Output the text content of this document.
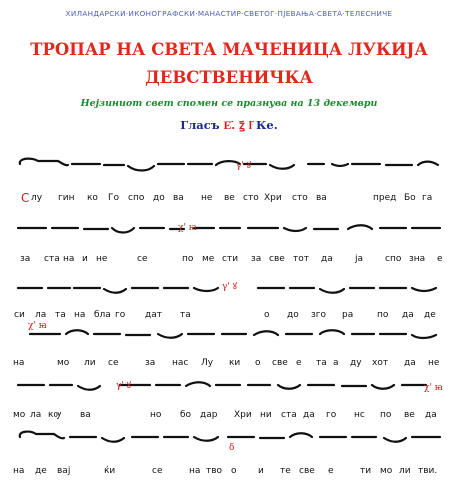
ХИЛАНДАРСКИ·ИКОНОГРАФСКИ·МАНАСТИР·СВЕТОГ·ПЈЕВАЊА·СВЕТА·ТЕЛЕСНИЧЕ
ТРОПАР НА СВЕТА МАЧЕНИЦА ЛУКИЈА
ДЕВСТВЕНИЧКА
Нејзиниот свет спомен се празнува на 13 декември
Гласъ Е҃. ꙁ҃ ӏ҃ Ке.
γ' ꙋ
С лу гин ко Го спо до ва не ве сто Хри сто ва	пред Бо га
χ' ꙗ
за ста на и не	се	по ме сти за све тот да ја спо зна е
γ' ꙋ
си ла та на бла го дат та	о до зго ра	по да де
χ' ꙗ
на	мо ли се	за нас Лу ки о све е та а ду хот да не
γ' ꙋ	χ' ꙗ
мо ла кѹ ва	но бо дар Хри ни ста да го нс по ве да
δ
на де вај	ќи	се	на тво о и те све е	ти мо ли тви.
